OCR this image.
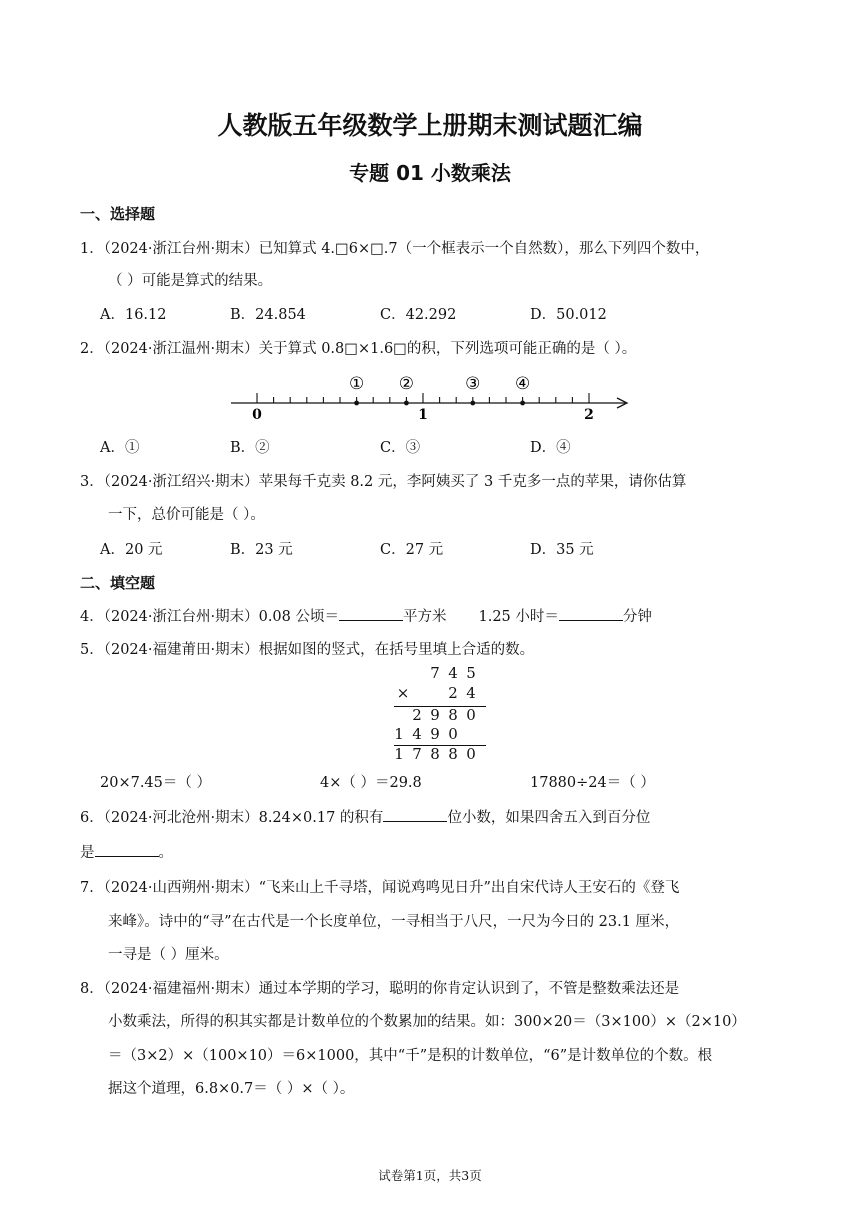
人教版五年级数学上册期末测试题汇编
专题 01 小数乘法
一、选择题
1．（2024·浙江台州·期末）已知算式 4.□6×□.7（一个框表示一个自然数），那么下列四个数中，
（ ）可能是算式的结果。
A．16.12	B．24.854	C．42.292	D．50.012
2．（2024·浙江温州·期末）关于算式 0.8□×1.6□的积，下列选项可能正确的是（ ）。
① ②	③ ④
0	1	2
A．①	B．②	C．③	D．④
3．（2024·浙江绍兴·期末）苹果每千克卖 8.2 元，李阿姨买了 3 千克多一点的苹果，请你估算
一下，总价可能是（ ）。
A．20 元	B．23 元	C．27 元	D．35 元
二、填空题
4．（2024·浙江台州·期末）0.08 公顷＝	平方米 1.25 小时＝	分钟
5．（2024·福建莆田·期末）根据如图的竖式，在括号里填上合适的数。
7 4 5
×	2 4
2 9 8 0
1 4 9 0
1 7 8 8 0
20×7.45＝（ ）	4×（ ）＝29.8	17880÷24＝（ ）
6．（2024·河北沧州·期末）8.24×0.17 的积有	位小数，如果四舍五入到百分位
是	。
7．（2024·山西朔州·期末）“飞来山上千寻塔，闻说鸡鸣见日升”出自宋代诗人王安石的《登飞
来峰》。诗中的“寻”在古代是一个长度单位，一寻相当于八尺，一尺为今日的 23.1 厘米，
一寻是（ ）厘米。
8．（2024·福建福州·期末）通过本学期的学习，聪明的你肯定认识到了，不管是整数乘法还是
小数乘法，所得的积其实都是计数单位的个数累加的结果。如：300×20＝（3×100）×（2×10）
＝（3×2）×（100×10）＝6×1000，其中“千”是积的计数单位，“6”是计数单位的个数。根
据这个道理，6.8×0.7＝（ ）×（ ）。
试卷第1页，共3页
